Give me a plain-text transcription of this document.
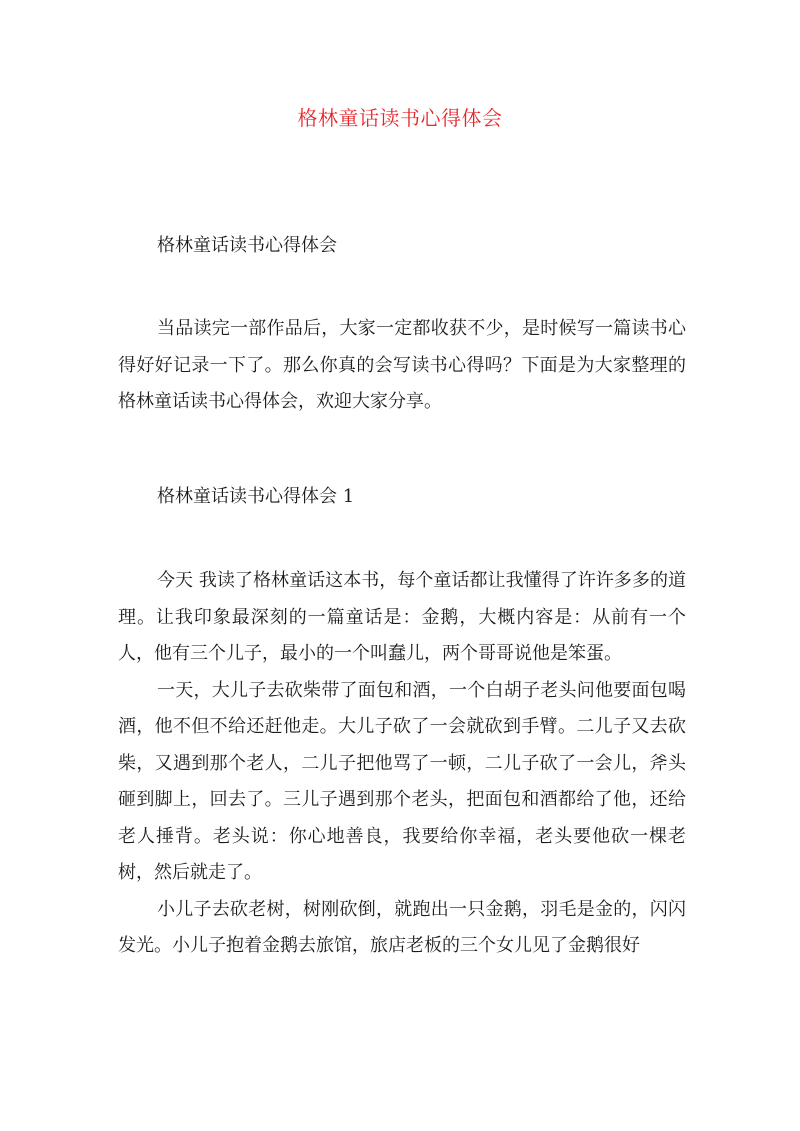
格林童话读书心得体会
格林童话读书心得体会
当品读完一部作品后，大家一定都收获不少，是时候写一篇读书心得好好记录一下了。那么你真的会写读书心得吗？下面是为大家整理的格林童话读书心得体会，欢迎大家分享。
格林童话读书心得体会 1

今天 我读了格林童话这本书，每个童话都让我懂得了许许多多的道理。让我印象最深刻的一篇童话是：金鹅，大概内容是：从前有一个人，他有三个儿子，最小的一个叫蠢儿，两个哥哥说他是笨蛋。

一天，大儿子去砍柴带了面包和酒，一个白胡子老头问他要面包喝酒，他不但不给还赶他走。大儿子砍了一会就砍到手臂。二儿子又去砍柴，又遇到那个老人，二儿子把他骂了一顿，二儿子砍了一会儿，斧头砸到脚上，回去了。三儿子遇到那个老头，把面包和酒都给了他，还给老人捶背。老头说：你心地善良，我要给你幸福，老头要他砍一棵老树，然后就走了。

小儿子去砍老树，树刚砍倒，就跑出一只金鹅，羽毛是金的，闪闪发光。小儿子抱着金鹅去旅馆，旅店老板的三个女儿见了金鹅很好
